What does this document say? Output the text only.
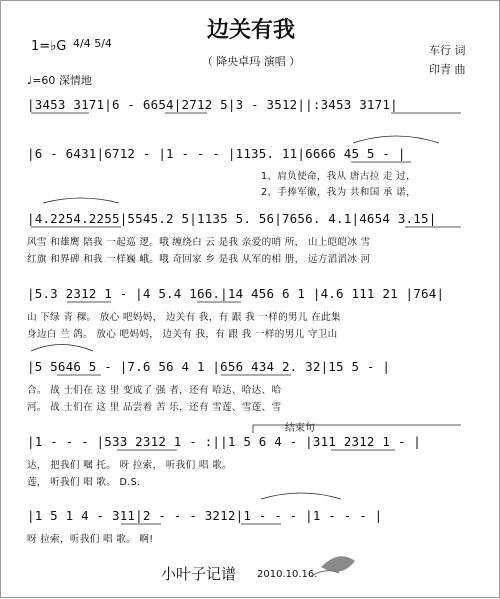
边关有我
（ 降央卓玛 演唱 ）
1=♭G 4/4 5/4
♩=60 深情地
车行 词
印青 曲
|3453 3171|6 - 6654|2712 5|3 - 3512||:3453 3171|
|6 - 6431|6712 - |1 - - - |1135. 11|6666 45 5 - |
1、肩负使命，我从 唐古拉 走 过，
2、手捧军徽，我为 共和国 承 诺，
|4.2254.2255|5545.2 5|1135 5. 56|7656. 4.1|4654 3.15|
风雪 和雄鹰 陪我 一起巡 逻。哦 缠绕白 云 是我 亲爱的哨 所， 山上皑皑冰 雪
红旗 和界碑 和我 一样巍 峨。哦 奇回家 乡 是我 从军的相 册， 远方滔滔冰 河
|5.3 2312 1 - |4 5.4 166.|14 456 6 1 |4.6 111 21 |764|
山 下绿 青 稞。 放心 吧妈妈， 边关有 我，有 跟 我 一样的男儿 在此集
身边白 兰 鸽。 放心 吧妈妈， 边关有 我，有 跟 我 一样的男儿 守卫山
|5 5646 5 - |7.6 56 4 1 |656 434 2. 32|15 5 - |
合。 战 士们在 这 里 变成了 强 者，还有 哈达、哈达、哈
河。 战 士们在 这 里 品尝着 苦 乐，还有 雪莲、雪莲、雪
结束句
|1 - - - |533 2312 1 - :||1 5 6 4 - |311 2312 1 - |
达， 把我们 嘱 托。 呀 拉索， 听我们 唱 歌。
莲， 听我们 唱 歌。 D.S.
|1 5 1 4 - 311|2 - - - 3212|1 - - - |1 - - - |
呀 拉索，听我们 唱 歌。 啊!
小叶子记谱 2010.10.16.
